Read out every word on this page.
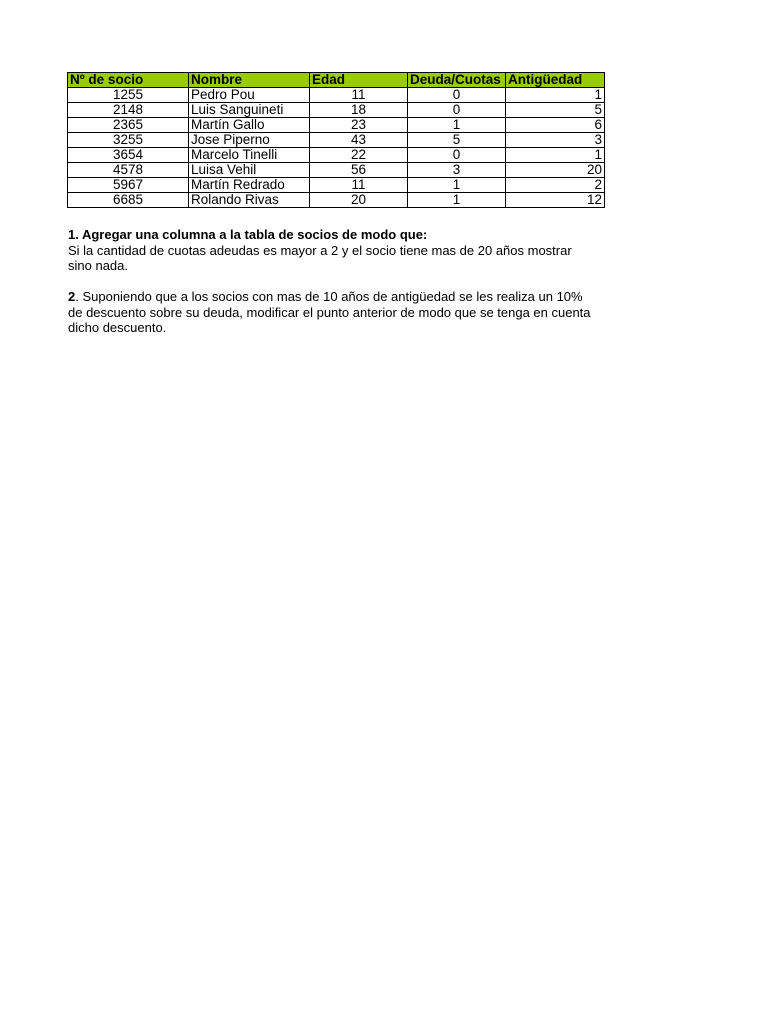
Nº de socio	Nombre	Edad	Deuda/Cuotas	Antigüedad
1255	Pedro Pou	11	0	1
2148	Luis Sanguineti	18	0	5
2365	Martín Gallo	23	1	6
3255	Jose Piperno	43	5	3
3654	Marcelo Tinelli	22	0	1
4578	Luisa Vehil	56	3	20
5967	Martín Redrado	11	1	2
6685	Rolando Rivas	20	1	12

1. Agregar una columna a la tabla de socios de modo que:

Si la cantidad de cuotas adeudas es mayor a 2 y el socio tiene mas de 20 años mostrar

sino nada.

2. Suponiendo que a los socios con mas de 10 años de antigüedad se les realiza un 10%

de descuento sobre su deuda, modificar el punto anterior de modo que se tenga en cuenta

dicho descuento.
